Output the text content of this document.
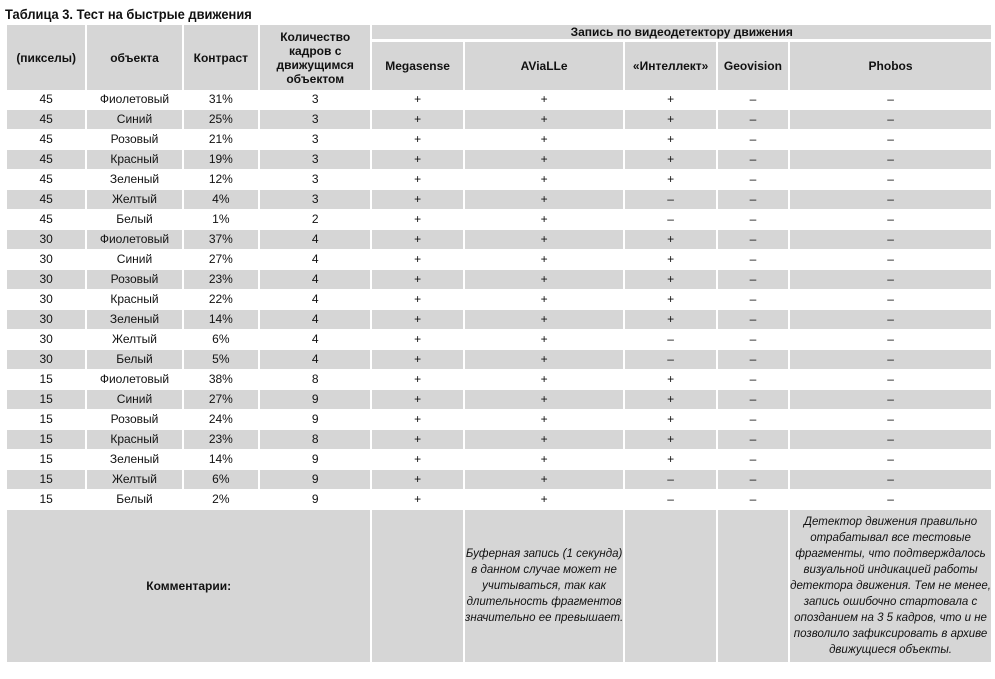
Таблица 3. Тест на быстрые движения
(пикселы)	объекта	Контраст	Количество кадров с движущимся объектом	Запись по видеодетектору движения				

				Megasense	AViaLLe	«Интеллект»	Geovision	Phobos
45	Фиолетовый	31%	3	+	+	+	–	–
45	Синий	25%	3	+	+	+	–	–
45	Розовый	21%	3	+	+	+	–	–
45	Красный	19%	3	+	+	+	–	–
45	Зеленый	12%	3	+	+	+	–	–
45	Желтый	4%	3	+	+	–	–	–
45	Белый	1%	2	+	+	–	–	–
30	Фиолетовый	37%	4	+	+	+	–	–
30	Синий	27%	4	+	+	+	–	–
30	Розовый	23%	4	+	+	+	–	–
30	Красный	22%	4	+	+	+	–	–
30	Зеленый	14%	4	+	+	+	–	–
30	Желтый	6%	4	+	+	–	–	–
30	Белый	5%	4	+	+	–	–	–
15	Фиолетовый	38%	8	+	+	+	–	–
15	Синий	27%	9	+	+	+	–	–
15	Розовый	24%	9	+	+	+	–	–
15	Красный	23%	8	+	+	+	–	–
15	Зеленый	14%	9	+	+	+	–	–
15	Желтый	6%	9	+	+	–	–	–
15	Белый	2%	9	+	+	–	–	–
Комментарии:					Буферная запись (1 секунда) в данном случае может не учитываться, так как длительность фрагментов значительно ее превышает.			Детектор движения правильно отрабатывал все тестовые фрагменты, что подтверждалось визуальной индикацией работы детектора движения. Тем не менее, запись ошибочно стартовала с опозданием на 3 5 кадров, что и не позволило зафиксировать в архиве движущиеся объекты.
